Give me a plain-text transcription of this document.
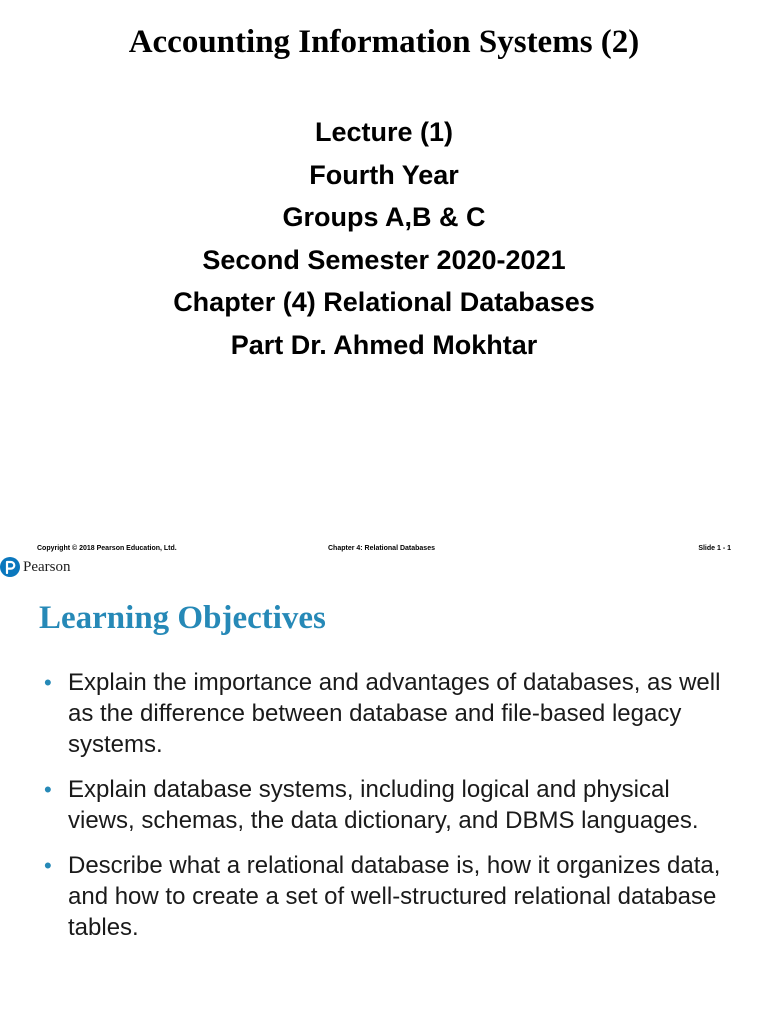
Accounting Information Systems (2)
Lecture (1)
Fourth Year
Groups A,B & C
Second Semester 2020-2021
Chapter (4) Relational Databases
Part Dr. Ahmed Mokhtar
Copyright © 2018 Pearson Education, Ltd.	Chapter 4: Relational Databases	Slide 1 - 1
Pearson
Learning Objectives
• Explain the importance and advantages of databases, as well as the difference between database and file-based legacy systems.
• Explain database systems, including logical and physical views, schemas, the data dictionary, and DBMS languages.
• Describe what a relational database is, how it organizes data, and how to create a set of well-structured relational database tables.
